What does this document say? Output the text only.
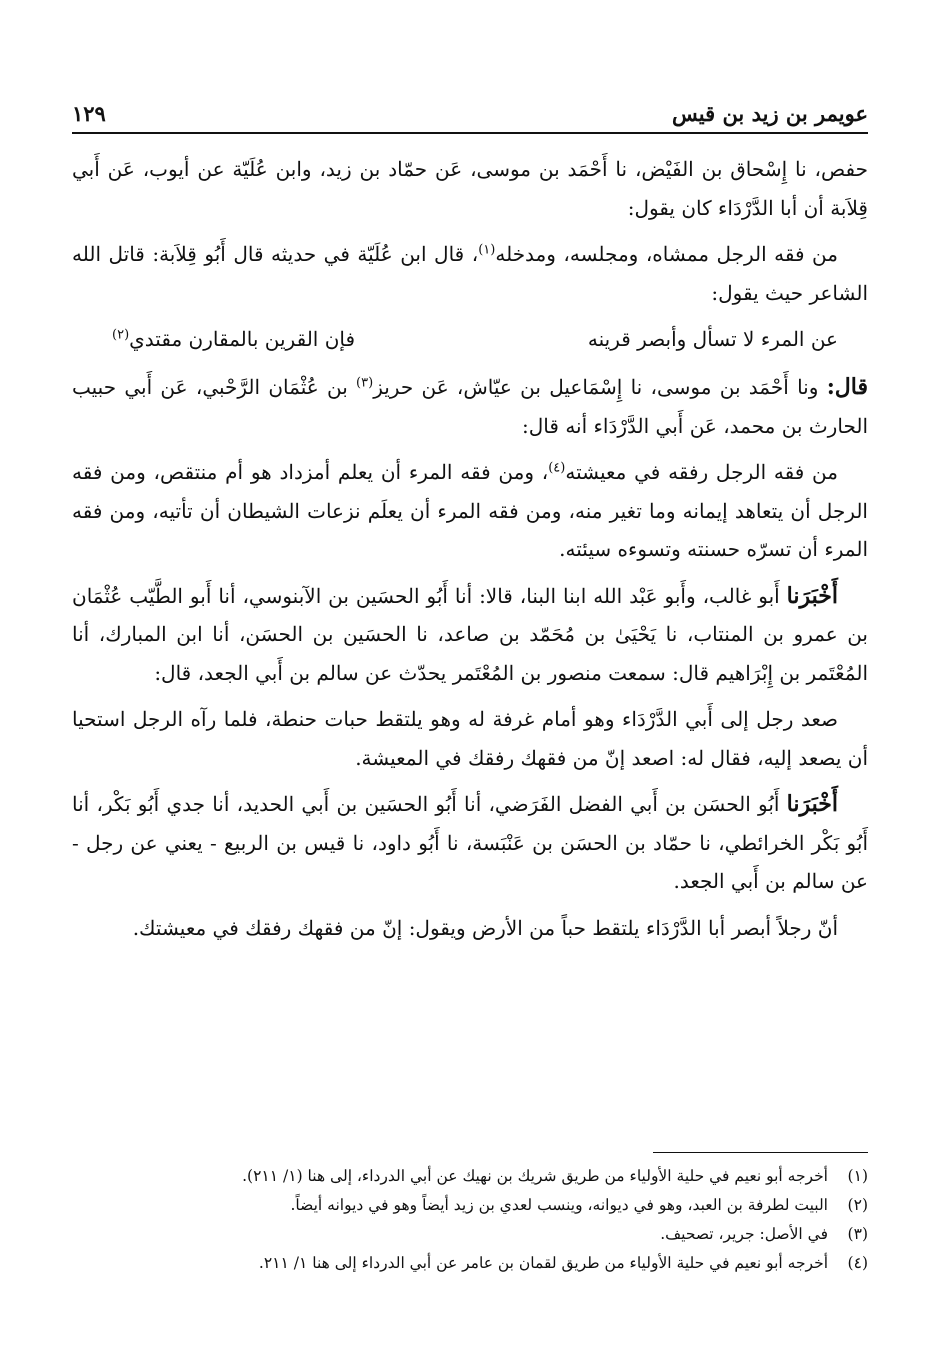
عويمر بن زيد بن قيس
١٢٩

حفص، نا إِسْحاق بن الفَيْض، نا أَحْمَد بن موسى، عَن حمّاد بن زيد، وابن عُلَيّة عن أيوب، عَن أَبي قِلاَبة أن أبا الدَّرْدَاء كان يقول:

من فقه الرجل ممشاه، ومجلسه، ومدخله$^{(١)}$، قال ابن عُلَيّة في حديثه قال أَبُو قِلاَبة: قاتل الله الشاعر حيث يقول:

عن المرء لا تسأل وأبصر قرينه
فإن القرين بالمقارن مقتدي$^{(٢)}$

قال: ونا أَحْمَد بن موسى، نا إِسْمَاعيل بن عيّاش، عَن حريز$^{(٣)}$ بن عُثْمَان الرَّحْبي، عَن أَبي حبيب الحارث بن محمد، عَن أَبي الدَّرْدَاء أنه قال:

من فقه الرجل رفقه في معيشته$^{(٤)}$، ومن فقه المرء أن يعلم أمزداد هو أم منتقص، ومن فقه الرجل أن يتعاهد إيمانه وما تغير منه، ومن فقه المرء أن يعلَم نزعات الشيطان أن تأتيه، ومن فقه المرء أن تسرّه حسنته وتسوءه سيئته.

أَخْبَرَنا أَبو غالب، وأَبو عَبْد الله ابنا البنا، قالا: أنا أَبُو الحسَين بن الآبنوسي، أنا أَبو الطَّيّب عُثْمَان بن عمرو بن المنتاب، نا يَحْيَىٰ بن مُحَمّد بن صاعد، نا الحسَين بن الحسَن، أنا ابن المبارك، أنا المُعْتَمر بن إِبْرَاهيم قال: سمعت منصور بن المُعْتَمر يحدّث عن سالم بن أَبي الجعد، قال:

صعد رجل إلى أَبي الدَّرْدَاء وهو أمام غرفة له وهو يلتقط حبات حنطة، فلما رآه الرجل استحيا أن يصعد إليه، فقال له: اصعد إنّ من فقهك رفقك في المعيشة.

أَخْبَرَنا أَبُو الحسَن بن أَبي الفضل الفَرَضي، أنا أَبُو الحسَين بن أَبي الحديد، أنا جدي أَبُو بَكْر، أنا أَبُو بَكْر الخرائطي، نا حمّاد بن الحسَن بن عَنْبَسة، نا أَبُو داود، نا قيس بن الربيع - يعني عن رجل - عن سالم بن أَبي الجعد.

أنّ رجلاً أبصر أبا الدَّرْدَاء يلتقط حباً من الأرض ويقول: إنّ من فقهك رفقك في معيشتك.

(١)
أخرجه أبو نعيم في حلية الأولياء من طريق شريك بن نهيك عن أبي الدرداء، إلى هنا (١/ ٢١١).
(٢)
البيت لطرفة بن العبد، وهو في ديوانه، وينسب لعدي بن زيد أيضاً وهو في ديوانه أيضاً.
(٣)
في الأصل: جرير، تصحيف.
(٤)
أخرجه أبو نعيم في حلية الأولياء من طريق لقمان بن عامر عن أبي الدرداء إلى هنا ١/ ٢١١.
